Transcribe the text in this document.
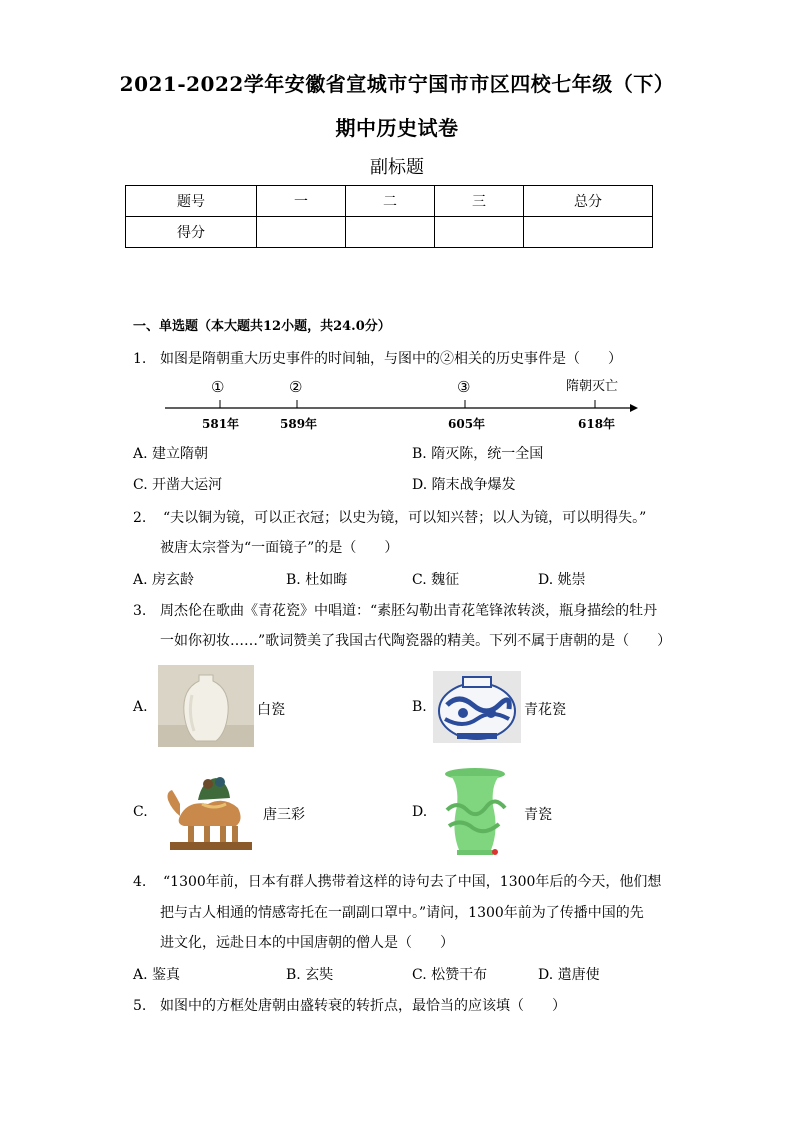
2021-2022学年安徽省宣城市宁国市市区四校七年级（下）
期中历史试卷
副标题
题号	一	二	三	总分
得分				
一、单选题（本大题共12小题，共24.0分）
1. 如图是隋朝重大历史事件的时间轴，与图中的②相关的历史事件是（　　）
①	②	③	隋朝灭亡
581年	589年	605年	618年
A. 建立隋朝	B. 隋灭陈，统一全国
C. 开凿大运河	D. 隋末战争爆发
2. “夫以铜为镜，可以正衣冠；以史为镜，可以知兴替；以人为镜，可以明得失。”
被唐太宗誉为“一面镜子”的是（　　）
A. 房玄龄	B. 杜如晦	C. 魏征	D. 姚崇
3. 周杰伦在歌曲《青花瓷》中唱道：“素胚勾勒出青花笔锋浓转淡，瓶身描绘的牡丹
一如你初妆……”歌词赞美了我国古代陶瓷器的精美。下列不属于唐朝的是（　　）
A.	白瓷	B.	青花瓷
C.	唐三彩	D.	青瓷
4. “1300年前，日本有群人携带着这样的诗句去了中国，1300年后的今天，他们想
把与古人相通的情感寄托在一副副口罩中。”请问，1300年前为了传播中国的先
进文化，远赴日本的中国唐朝的僧人是（　　）
A. 鉴真	B. 玄奘	C. 松赞干布	D. 遣唐使
5. 如图中的方框处唐朝由盛转衰的转折点，最恰当的应该填（　　）
